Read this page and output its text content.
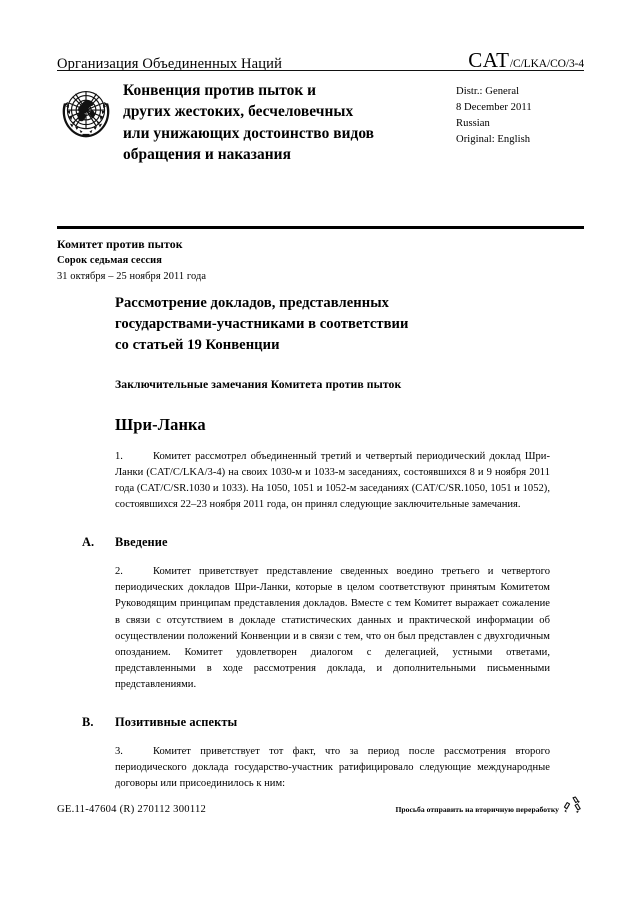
Организация Объединенных Наций	CAT /C/LKA/CO/3-4
Конвенция против пыток и
других жестоких, бесчеловечных
или унижающих достоинство видов
обращения и наказания
Distr.: General
8 December 2011
Russian
Original: English
Комитет против пыток
Сорок седьмая сессия
31 октября – 25 ноября 2011 года
Рассмотрение докладов, представленных
государствами-участниками в соответствии
со статьей 19 Конвенции
Заключительные замечания Комитета против пыток
Шри-Ланка
1.	Комитет рассмотрел объединенный третий и четвертый периодический доклад Шри-Ланки (CAT/C/LKA/3-4) на своих 1030-м и 1033-м заседаниях, состоявшихся 8 и 9 ноября 2011 года (CAT/C/SR.1030 и 1033). На 1050, 1051 и 1052-м заседаниях (CAT/C/SR.1050, 1051 и 1052), состоявшихся 22–23 ноября 2011 года, он принял следующие заключительные замечания.
A. Введение
2.	Комитет приветствует представление сведенных воедино третьего и четвертого периодических докладов Шри-Ланки, которые в целом соответствуют принятым Комитетом Руководящим принципам представления докладов. Вместе с тем Комитет выражает сожаление в связи с отсутствием в докладе статистических данных и практической информации об осуществлении положений Конвенции и в связи с тем, что он был представлен с двухгодичным опозданием. Комитет удовлетворен диалогом с делегацией, устными ответами, представленными в ходе рассмотрения доклада, и дополнительными письменными представлениями.
B. Позитивные аспекты
3.	Комитет приветствует тот факт, что за период после рассмотрения второго периодического доклада государство-участник ратифицировало следующие международные договоры или присоединилось к ним:
GE.11-47604 (R) 270112 300112	Просьба отправить на вторичную переработку
